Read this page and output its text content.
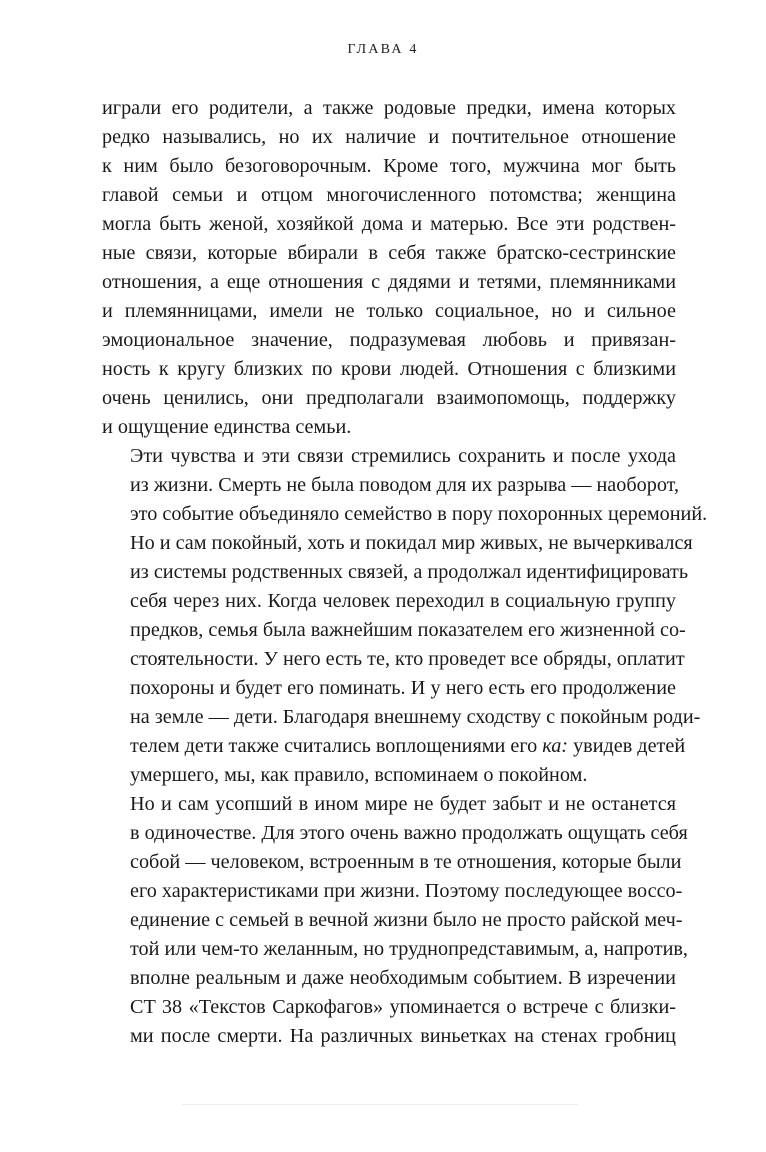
ГЛАВА 4

играли его родители, а также родовые предки, имена которых
редко назывались, но их наличие и почтительное отношение
к ним было безоговорочным. Кроме того, мужчина мог быть
главой семьи и отцом многочисленного потомства; женщина
могла быть женой, хозяйкой дома и матерью. Все эти родствен-
ные связи, которые вбирали в себя также братско-сестринские
отношения, а еще отношения с дядями и тетями, племянниками
и племянницами, имели не только социальное, но и сильное
эмоциональное значение, подразумевая любовь и привязан-
ность к кругу близких по крови людей. Отношения с близкими
очень ценились, они предполагали взаимопомощь, поддержку
и ощущение единства семьи.

Эти чувства и эти связи стремились сохранить и после ухода
из жизни. Смерть не была поводом для их разрыва — наоборот,
это событие объединяло семейство в пору похоронных церемоний.
Но и сам покойный, хоть и покидал мир живых, не вычеркивался
из системы родственных связей, а продолжал идентифицировать
себя через них. Когда человек переходил в социальную группу
предков, семья была важнейшим показателем его жизненной со-
стоятельности. У него есть те, кто проведет все обряды, оплатит
похороны и будет его поминать. И у него есть его продолжение
на земле — дети. Благодаря внешнему сходству с покойным роди-
телем дети также считались воплощениями его ка: увидев детей
умершего, мы, как правило, вспоминаем о покойном.

Но и сам усопший в ином мире не будет забыт и не останется
в одиночестве. Для этого очень важно продолжать ощущать себя
собой — человеком, встроенным в те отношения, которые были
его характеристиками при жизни. Поэтому последующее воссо-
единение с семьей в вечной жизни было не просто райской меч-
той или чем-то желанным, но труднопредставимым, а, напротив,
вполне реальным и даже необходимым событием. В изречении
CT 38 «Текстов Саркофагов» упоминается о встрече с близки-
ми после смерти. На различных виньетках на стенах гробниц
